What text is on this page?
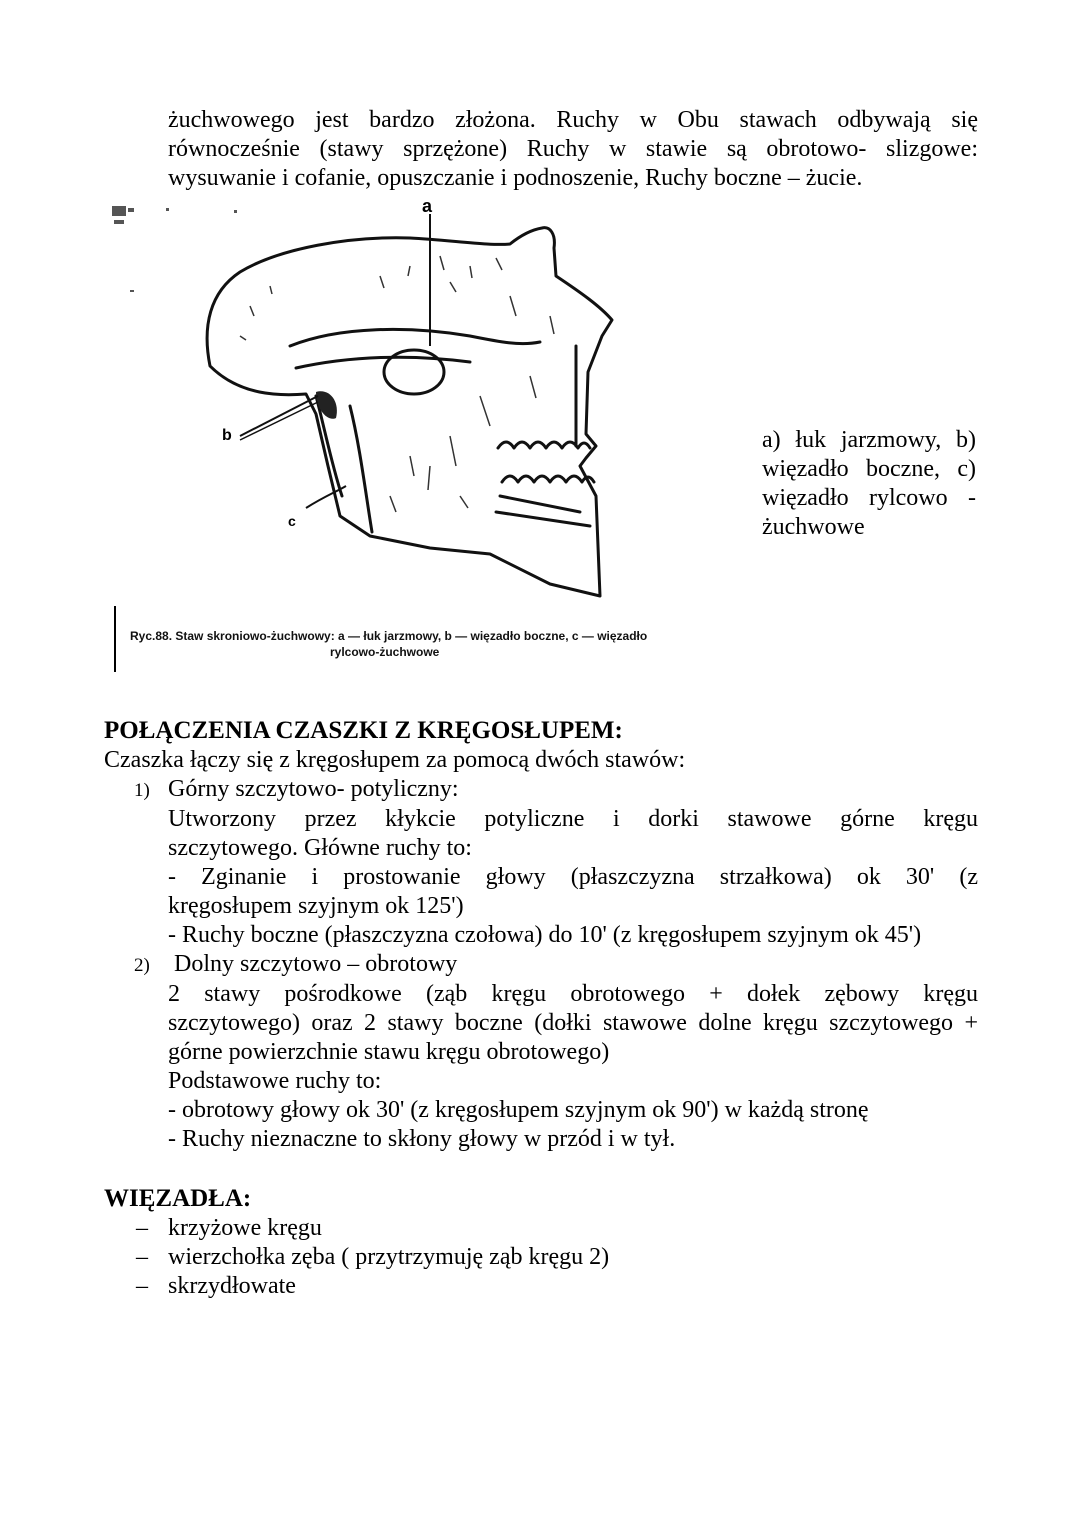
żuchwowego jest bardzo złożona. Ruchy w Obu stawach odbywają się
równocześnie (stawy sprzężone) Ruchy w stawie są obrotowo- slizgowe:
wysuwanie i cofanie, opuszczanie i podnoszenie, Ruchy boczne – żucie.
a
b
c
Ryc.88. Staw skroniowo-żuchwowy: a — łuk jarzmowy, b — więzadło boczne, c — więzadło
rylcowo-żuchwowe
a) łuk jarzmowy, b)
więzadło boczne, c)
więzadło rylcowo -
żuchwowe
POŁĄCZENIA CZASZKI Z KRĘGOSŁUPEM:

Czaszka łączy się z kręgosłupem za pomocą dwóch stawów:

1) Górny szczytowo- potyliczny:

Utworzony przez kłykcie potyliczne i dorki stawowe górne kręgu
szczytowego. Główne ruchy to:
- Zginanie i prostowanie głowy (płaszczyzna strzałkowa) ok 30' (z
kręgosłupem szyjnym ok 125')
- Ruchy boczne (płaszczyzna czołowa) do 10' (z kręgosłupem szyjnym ok 45')

2) Dolny szczytowo – obrotowy

2 stawy pośrodkowe (ząb kręgu obrotowego + dołek zębowy kręgu
szczytowego) oraz 2 stawy boczne (dołki stawowe dolne kręgu szczytowego +
górne powierzchnie stawu kręgu obrotowego)
Podstawowe ruchy to:
- obrotowy głowy ok 30' (z kręgosłupem szyjnym ok 90') w każdą stronę
- Ruchy nieznaczne to skłony głowy w przód i w tył.
WIĘZADŁA:
– krzyżowe kręgu
– wierzchołka zęba ( przytrzymuję ząb kręgu 2)
– skrzydłowate
